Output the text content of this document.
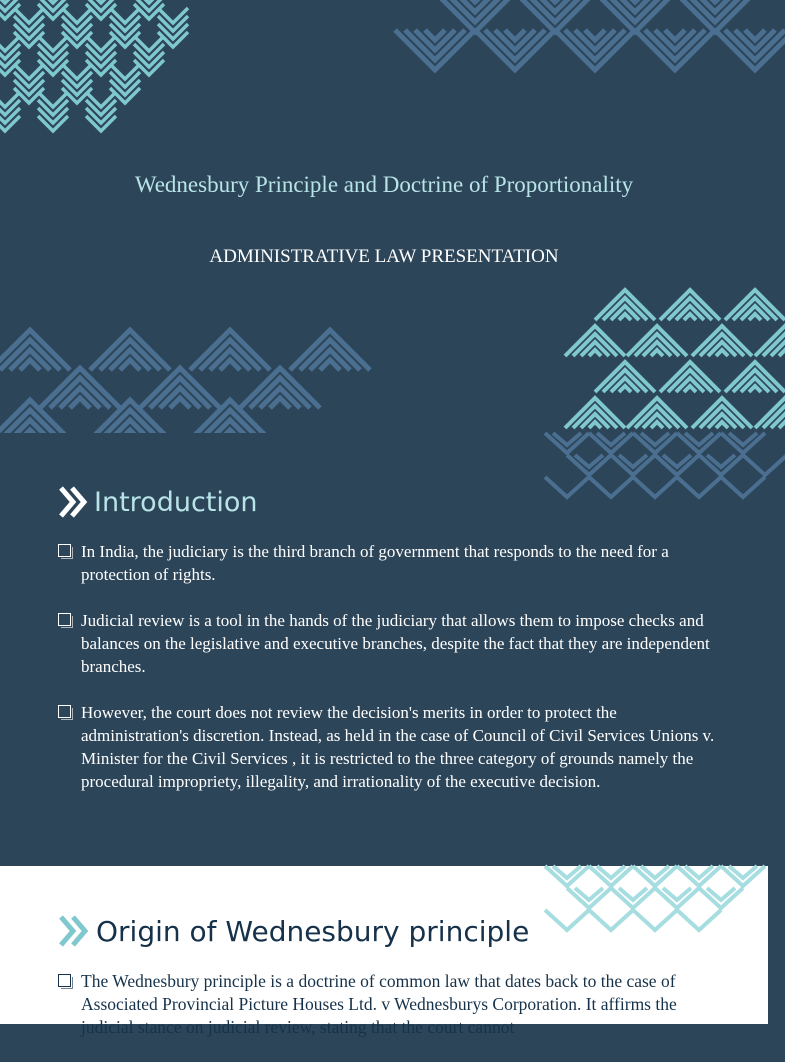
Wednesbury Principle and Doctrine of Proportionality
ADMINISTRATIVE LAW PRESENTATION
Introduction
In India, the judiciary is the third branch of government that responds to the need for a protection of rights.
Judicial review is a tool in the hands of the judiciary that allows them to impose checks and balances on the legislative and executive branches, despite the fact that they are independent branches.
However, the court does not review the decision's merits in order to protect the administration's discretion. Instead, as held in the case of Council of Civil Services Unions v. Minister for the Civil Services , it is restricted to the three category of grounds namely the procedural impropriety, illegality, and irrationality of the executive decision.
Origin of Wednesbury principle
The Wednesbury principle is a doctrine of common law that dates back to the case of Associated Provincial Picture Houses Ltd. v Wednesburys Corporation. It affirms the judicial stance on judicial review, stating that the court cannot
